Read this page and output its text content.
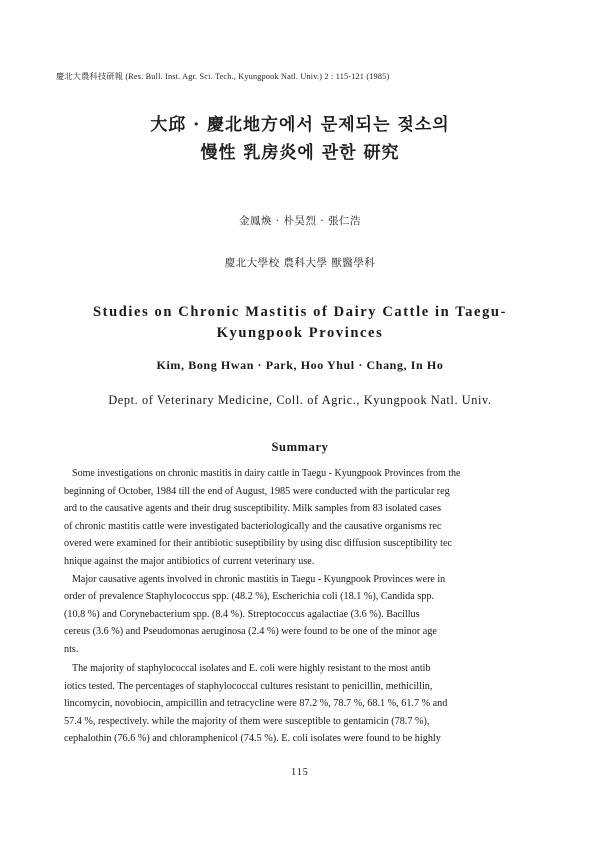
慶北大農科技研報 (Res. Bull. Inst. Agr. Sci. Tech., Kyungpook Natl. Univ.) 2 : 115-121 (1985)
大邱 · 慶北地方에서 문제되는 젖소의
慢性 乳房炎에 관한 研究
金鳳煥 · 朴昊烈 · 張仁浩
慶北大學校 農科大學 獸醫學科
Studies on Chronic Mastitis of Dairy Cattle in Taegu-
Kyungpook Provinces
Kim, Bong Hwan · Park, Hoo Yhul · Chang, In Ho
Dept. of Veterinary Medicine, Coll. of Agric., Kyungpook Natl. Univ.
Summary
Some investigations on chronic mastitis in dairy cattle in Taegu - Kyungpook Provinces from the
beginning of October, 1984 till the end of August, 1985 were conducted with the particular reg
ard to the causative agents and their drug susceptibility. Milk samples from 83 isolated cases
of chronic mastitis cattle were investigated bacteriologically and the causative organisms rec
overed were examined for their antibiotic suseptibility by using disc diffusion susceptibility tec
hnique against the major antibiotics of current veterinary use.
Major causative agents involved in chronic mastitis in Taegu - Kyungpook Provinces were in
order of prevalence Staphylococcus spp. (48.2 %), Escherichia coli (18.1 %), Candida spp.
(10.8 %) and Corynebacterium spp. (8.4 %). Streptococcus agalactiae (3.6 %). Bacillus
cereus (3.6 %) and Pseudomonas aeruginosa (2.4 %) were found to be one of the minor age
nts.
The majority of staphylococcal isolates and E. coli were highly resistant to the most antib
iotics tested. The percentages of staphylococcal cultures resistant to penicillin, methicillin,
lincomycin, novobiocin, ampicillin and tetracycline were 87.2 %, 78.7 %, 68.1 %, 61.7 % and
57.4 %, respectively. while the majority of them were susceptible to gentamicin (78.7 %),
cephalothin (76.6 %) and chloramphenicol (74.5 %). E. coli isolates were found to be highly
115
